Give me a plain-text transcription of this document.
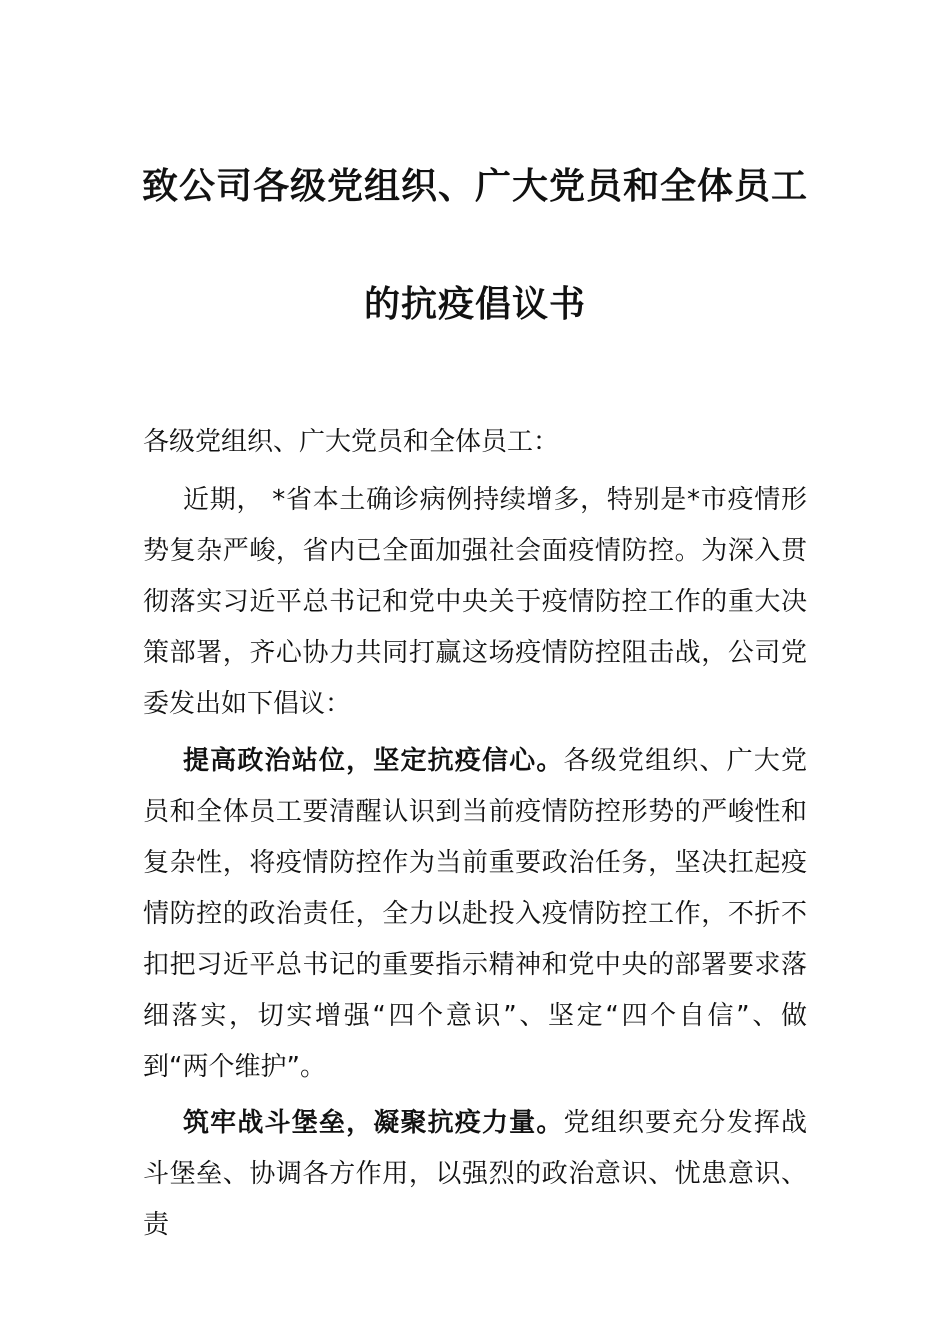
致公司各级党组织、广大党员和全体员工
的抗疫倡议书

各级党组织、广大党员和全体员工：

近期， *省本土确诊病例持续增多，特别是*市疫情形势复杂严峻，省内已全面加强社会面疫情防控。为深入贯彻落实习近平总书记和党中央关于疫情防控工作的重大决策部署，齐心协力共同打赢这场疫情防控阻击战，公司党委发出如下倡议：

提高政治站位，坚定抗疫信心。各级党组织、广大党员和全体员工要清醒认识到当前疫情防控形势的严峻性和复杂性，将疫情防控作为当前重要政治任务，坚决扛起疫情防控的政治责任，全力以赴投入疫情防控工作，不折不扣把习近平总书记的重要指示精神和党中央的部署要求落细落实，切实增强“四个意识”、坚定“四个自信”、做到“两个维护”。

筑牢战斗堡垒，凝聚抗疫力量。党组织要充分发挥战斗堡垒、协调各方作用，以强烈的政治意识、忧患意识、责
